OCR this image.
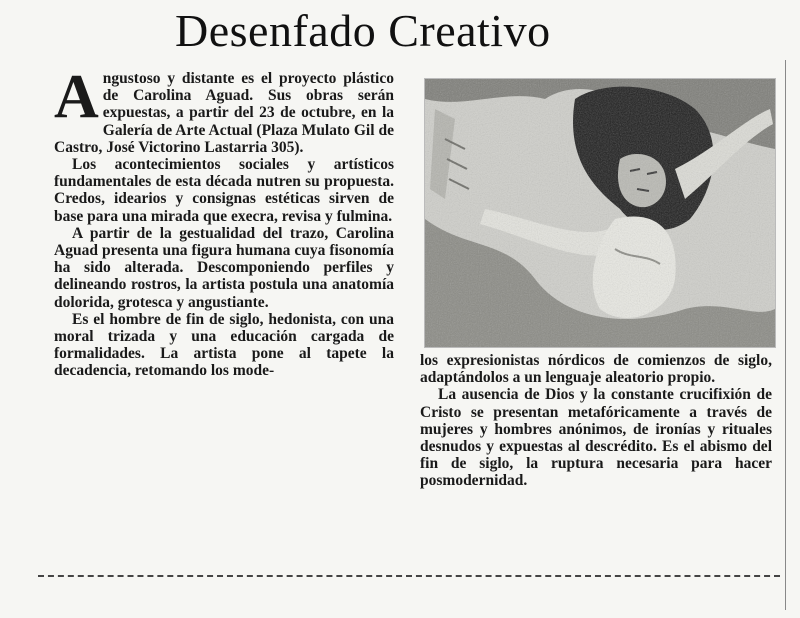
Desenfado Creativo

Angustoso y distante es el proyecto plástico de Carolina Aguad. Sus obras serán expuestas, a partir del 23 de octubre, en la Galería de Arte Actual (Plaza Mulato Gil de Castro, José Victorino Lastarria 305).

Los acontecimientos sociales y artísticos fundamentales de esta década nutren su propuesta. Credos, idearios y consignas estéticas sirven de base para una mirada que execra, revisa y fulmina.

A partir de la gestualidad del trazo, Carolina Aguad presenta una figura humana cuya fisonomía ha sido alterada. Descomponiendo perfiles y delineando rostros, la artista postula una anatomía dolorida, grotesca y angustiante.

Es el hombre de fin de siglo, hedonista, con una moral trizada y una educación cargada de formalidades. La artista pone al tapete la decadencia, retomando los mode-

los expresionistas nórdicos de comienzos de siglo, adaptándolos a un lenguaje aleatorio propio.

La ausencia de Dios y la constante crucifixión de Cristo se presentan metafóricamente a través de mujeres y hombres anónimos, de ironías y rituales desnudos y expuestas al descrédito. Es el abismo del fin de siglo, la ruptura necesaria para hacer posmodernidad.
